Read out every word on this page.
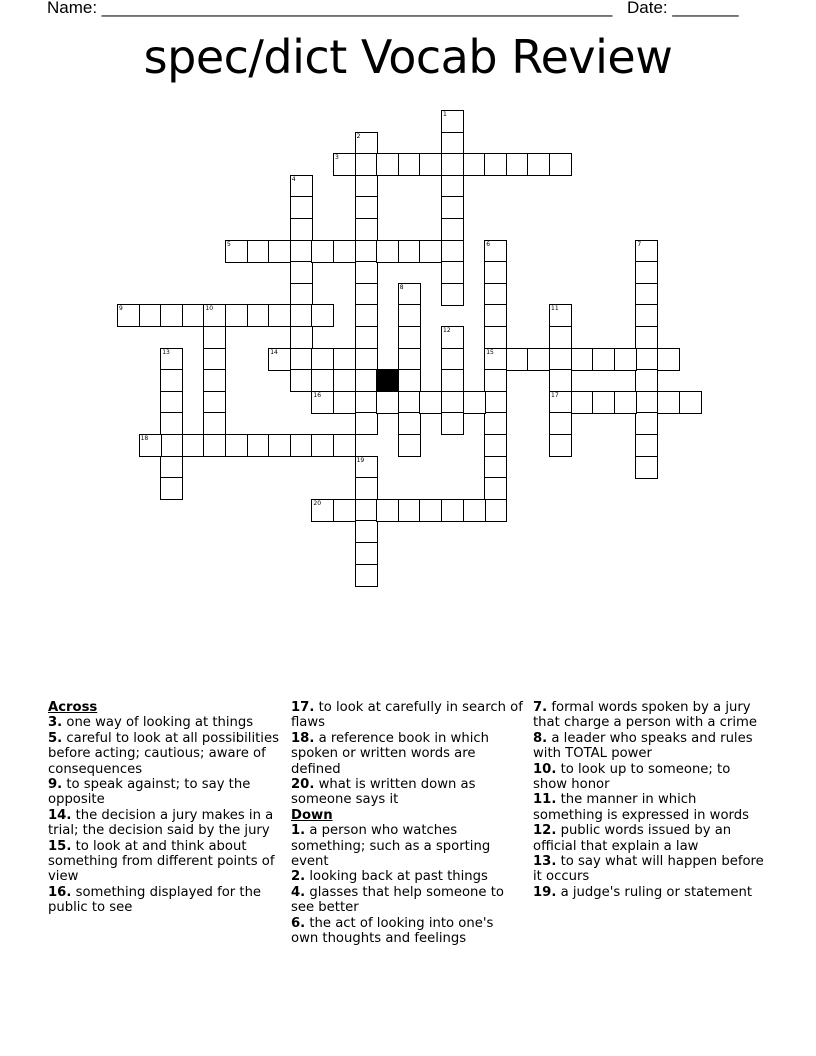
Name: ______________________________________________________ Date: _______
spec/dict Vocab Review
1
2
3
4
5	6
15
7
8
9	10	11
17
12
13	14
16
18
19
20
Across
3. one way of looking at things
5. careful to look at all possibilities before acting; cautious; aware of consequences
9. to speak against; to say the opposite
14. the decision a jury makes in a trial; the decision said by the jury
15. to look at and think about something from different points of view
16. something displayed for the public to see
17. to look at carefully in search of flaws
18. a reference book in which spoken or written words are defined
20. what is written down as someone says it
Down
1. a person who watches something; such as a sporting event
2. looking back at past things
4. glasses that help someone to see better
6. the act of looking into one's own thoughts and feelings
7. formal words spoken by a jury that charge a person with a crime
8. a leader who speaks and rules with TOTAL power
10. to look up to someone; to show honor
11. the manner in which something is expressed in words
12. public words issued by an official that explain a law
13. to say what will happen before it occurs
19. a judge's ruling or statement
